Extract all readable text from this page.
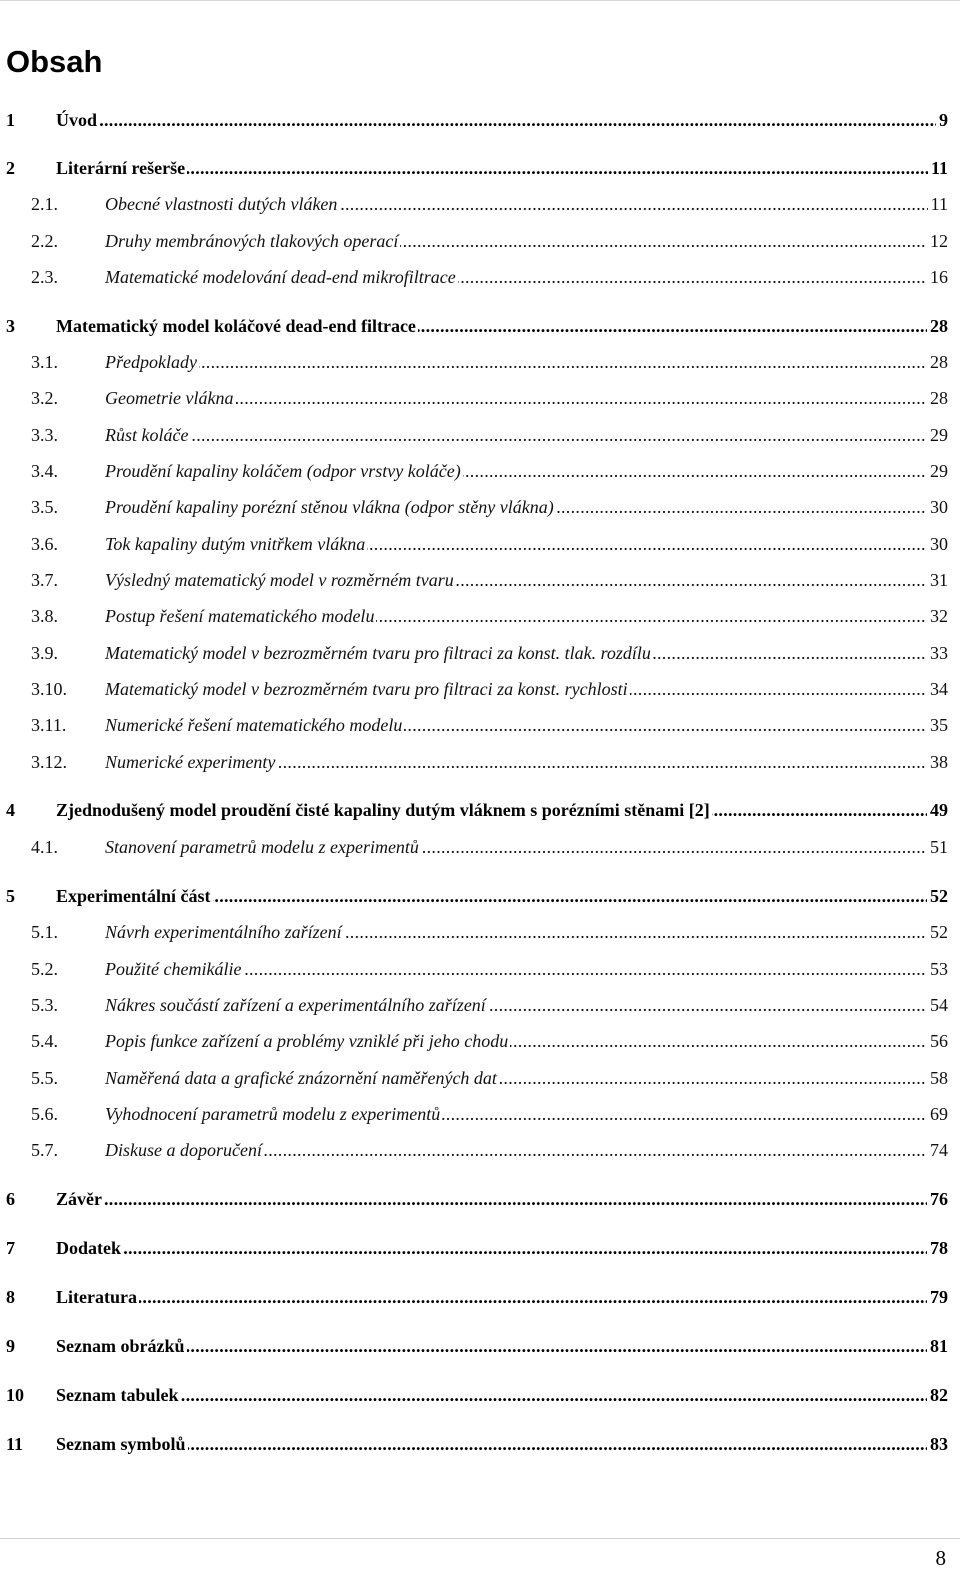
Obsah
1 Úvod . . .	9
2 Literární rešerše . . .	11
2.1.	Obecné vlastnosti dutých vláken . . .	11
2.2.	Druhy membránových tlakových operací . . .	12
2.3.	Matematické modelování dead-end mikrofiltrace . . .	16
3 Matematický model koláčové dead-end filtrace . . .	28
3.1.	Předpoklady . . .	28
3.2.	Geometrie vlákna . . .	28
3.3.	Růst koláče . . .	29
3.4.	Proudění kapaliny koláčem (odpor vrstvy koláče) . . .	29
3.5.	Proudění kapaliny porézní stěnou vlákna (odpor stěny vlákna) . . .	30
3.6.	Tok kapaliny dutým vnitřkem vlákna . . .	30
3.7.	Výsledný matematický model v rozměrném tvaru . . .	31
3.8.	Postup řešení matematického modelu . . .	32
3.9.	Matematický model v bezrozměrném tvaru pro filtraci za konst. tlak. rozdílu . . .	33
3.10. Matematický model v bezrozměrném tvaru pro filtraci za konst. rychlosti . . .	34
3.11. Numerické řešení matematického modelu . . .	35
3.12. Numerické experimenty . . .	38
4 Zjednodušený model proudění čisté kapaliny dutým vláknem s porézními stěnami [2] . . .	49
4.1.	Stanovení parametrů modelu z experimentů . . .	51
5 Experimentální část . . .	52
5.1.	Návrh experimentálního zařízení . . .	52
5.2.	Použité chemikálie . . .	53
5.3.	Nákres součástí zařízení a experimentálního zařízení . . .	54
5.4.	Popis funkce zařízení a problémy vzniklé při jeho chodu . . .	56
5.5.	Naměřená data a grafické znázornění naměřených dat . . .	58
5.6.	Vyhodnocení parametrů modelu z experimentů . . .	69
5.7.	Diskuse a doporučení . . .	74
6 Závěr . . .	76
7 Dodatek . . .	78
8 Literatura . . .	79
9 Seznam obrázků . . .	81
10 Seznam tabulek . . .	82
11 Seznam symbolů . . .	83
8
